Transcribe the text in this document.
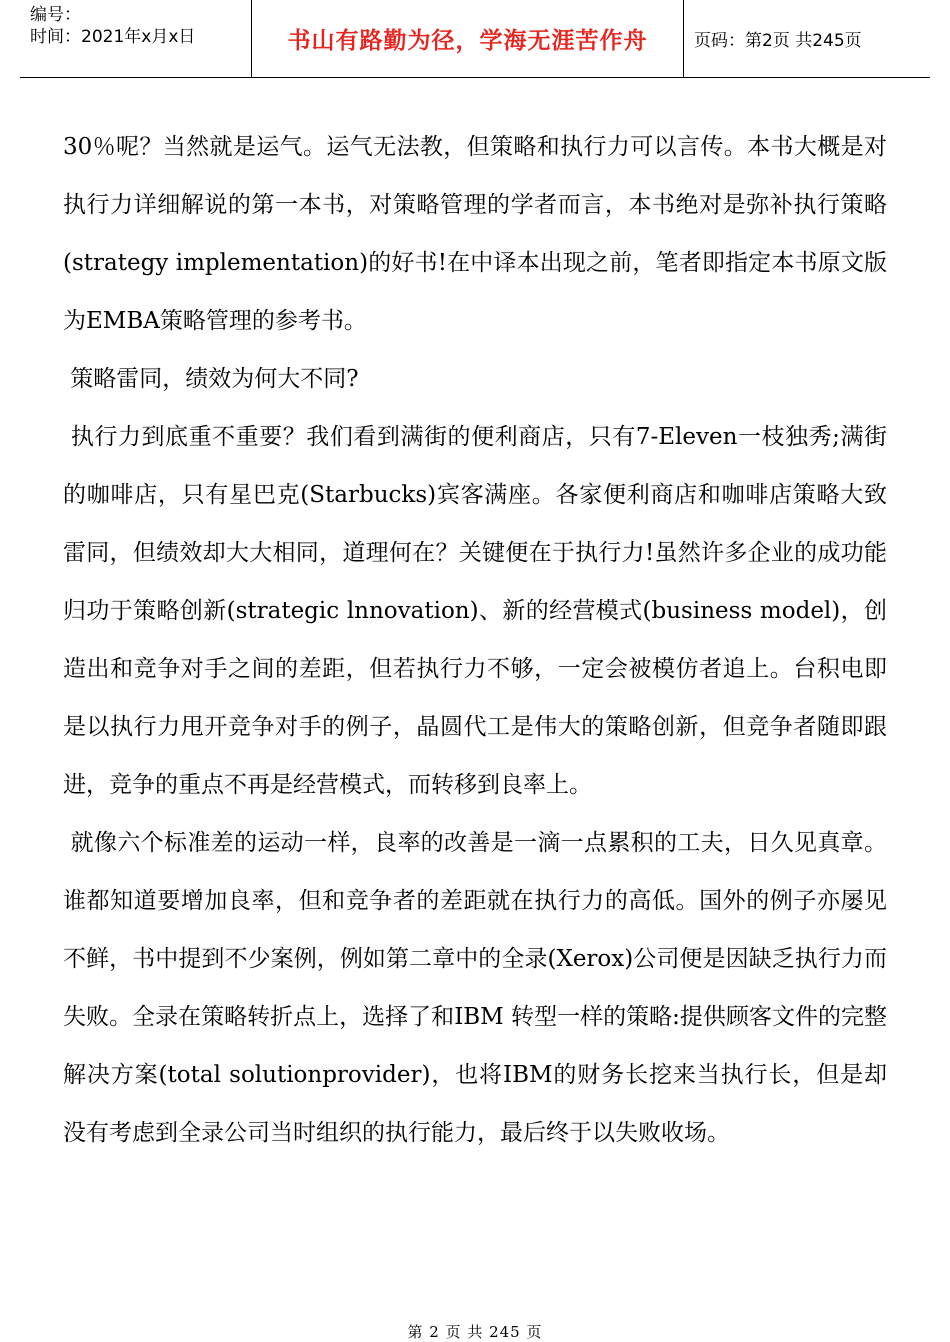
编号：
时间：2021年x月x日	书山有路勤为径，学海无涯苦作舟	页码：第2页 共245页

30％呢？当然就是运气。运气无法教，但策略和执行力可以言传。本书大概是对执行力详细解说的第一本书，对策略管理的学者而言，本书绝对是弥补执行策略(strategy implementation)的好书!在中译本出现之前，笔者即指定本书原文版为EMBA策略管理的参考书。

策略雷同，绩效为何大不同?

执行力到底重不重要？我们看到满街的便利商店，只有7-Eleven一枝独秀;满街的咖啡店，只有星巴克(Starbucks)宾客满座。各家便利商店和咖啡店策略大致雷同，但绩效却大大相同，道理何在？关键便在于执行力!虽然许多企业的成功能归功于策略创新(strategic lnnovation)、新的经营模式(business model)，创造出和竞争对手之间的差距，但若执行力不够，一定会被模仿者追上。台积电即是以执行力甩开竞争对手的例子，晶圆代工是伟大的策略创新，但竞争者随即跟进，竞争的重点不再是经营模式，而转移到良率上。

就像六个标准差的运动一样，良率的改善是一滴一点累积的工夫，日久见真章。谁都知道要增加良率，但和竞争者的差距就在执行力的高低。国外的例子亦屡见不鲜，书中提到不少案例，例如第二章中的全录(Xerox)公司便是因缺乏执行力而失败。全录在策略转折点上，选择了和IBM 转型一样的策略:提供顾客文件的完整解决方案(total solutionprovider)，也将IBM的财务长挖来当执行长，但是却没有考虑到全录公司当时组织的执行能力，最后终于以失败收场。

第 2 页 共 245 页
